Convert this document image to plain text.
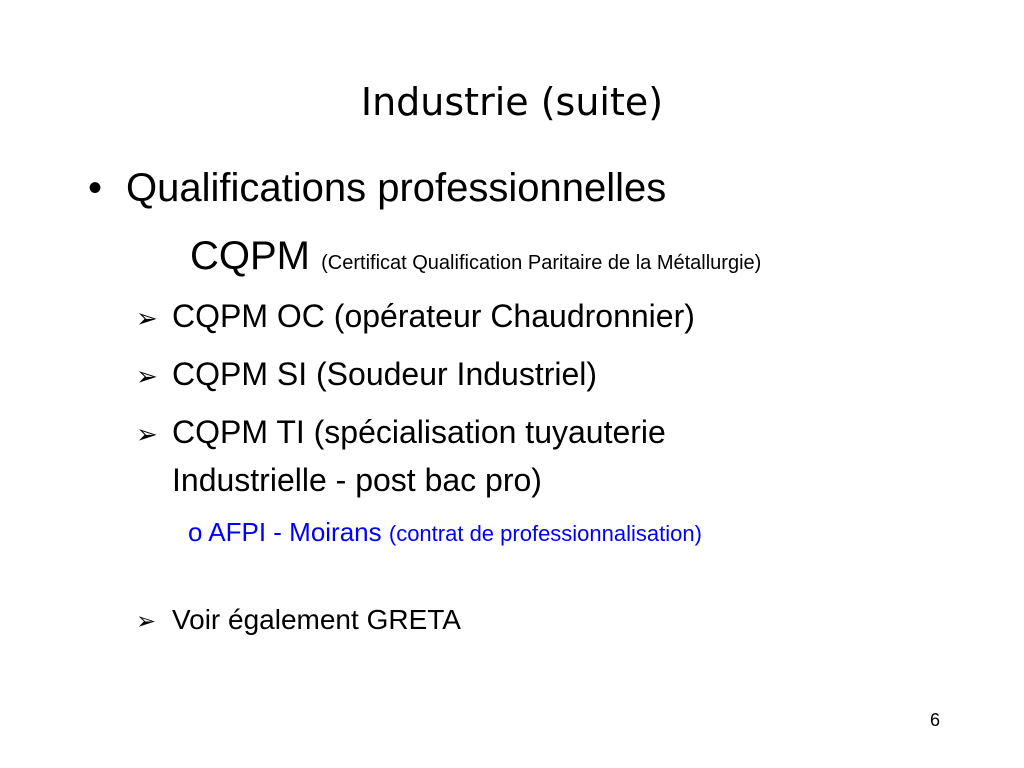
Industrie (suite)
• Qualifications professionnelles
CQPM (Certificat Qualification Paritaire de la Métallurgie)
➢ CQPM OC (opérateur Chaudronnier)
➢ CQPM SI (Soudeur Industriel)
➢ CQPM TI (spécialisation tuyauterie
Industrielle - post bac pro)
o AFPI - Moirans (contrat de professionnalisation)
➢ Voir également GRETA
6
